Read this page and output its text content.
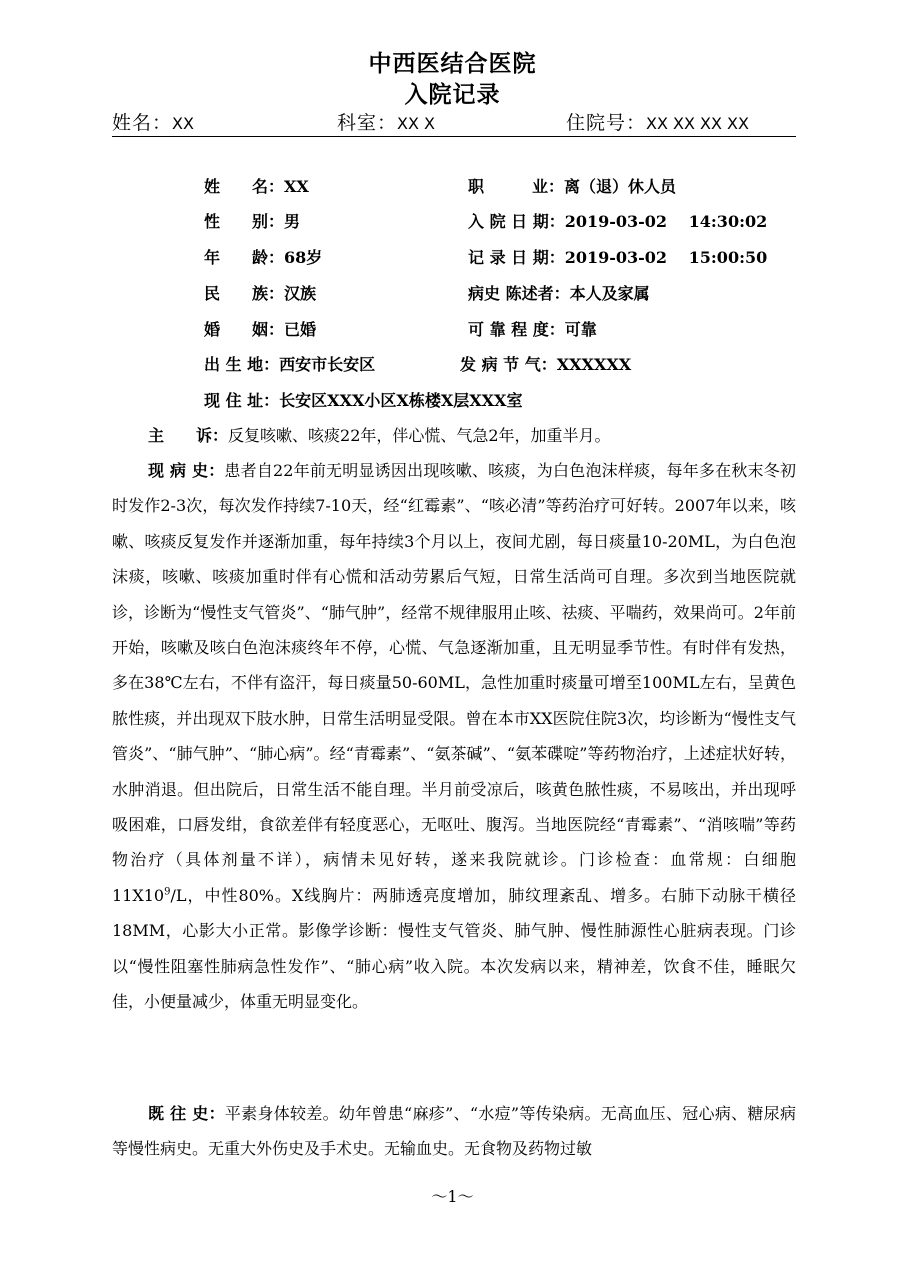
中西医结合医院
入院记录
姓名：XX	科室：XX X	住院号：XX XX XX XX
姓　　名：XX	职　　　业：离（退）休人员
性　　别：男	入 院 日 期：2019-03-02　 14:30:02
年　　龄：68岁	记 录 日 期：2019-03-02　 15:00:50
民　　族：汉族	病史 陈述者：本人及家属
婚　　姻：已婚	可 靠 程 度：可靠
出 生 地：西安市长安区	发 病 节 气：XXXXXX
现 住 址：长安区XXX小区X栋楼X层XXX室
主　　诉：反复咳嗽、咳痰22年，伴心慌、气急2年，加重半月。
现 病 史：患者自22年前无明显诱因出现咳嗽、咳痰，为白色泡沫样痰，每年多在秋末冬初时发作2-3次，每次发作持续7-10天，经“红霉素”、“咳必清”等药治疗可好转。2007年以来，咳嗽、咳痰反复发作并逐渐加重，每年持续3个月以上，夜间尤剧，每日痰量10-20ML，为白色泡沫痰，咳嗽、咳痰加重时伴有心慌和活动劳累后气短，日常生活尚可自理。多次到当地医院就诊，诊断为“慢性支气管炎”、“肺气肿”，经常不规律服用止咳、祛痰、平喘药，效果尚可。2年前开始，咳嗽及咳白色泡沫痰终年不停，心慌、气急逐渐加重，且无明显季节性。有时伴有发热，多在38℃左右，不伴有盗汗，每日痰量50-60ML，急性加重时痰量可增至100ML左右，呈黄色脓性痰，并出现双下肢水肿，日常生活明显受限。曾在本市XX医院住院3次，均诊断为“慢性支气管炎”、“肺气肿”、“肺心病”。经“青霉素”、“氨茶碱”、“氨苯碟啶”等药物治疗，上述症状好转，水肿消退。但出院后，日常生活不能自理。半月前受凉后，咳黄色脓性痰，不易咳出，并出现呼吸困难，口唇发绀，食欲差伴有轻度恶心，无呕吐、腹泻。当地医院经“青霉素”、“消咳喘”等药物治疗（具体剂量不详），病情未见好转，遂来我院就诊。门诊检查：血常规：白细胞$11X10^9/L$，中性80%。X线胸片：两肺透亮度增加，肺纹理紊乱、增多。右肺下动脉干横径18MM，心影大小正常。影像学诊断：慢性支气管炎、肺气肿、慢性肺源性心脏病表现。门诊以“慢性阻塞性肺病急性发作”、“肺心病”收入院。本次发病以来，精神差，饮食不佳，睡眠欠佳，小便量减少，体重无明显变化。
既 往 史：平素身体较差。幼年曾患“麻疹”、“水痘”等传染病。无高血压、冠心病、糖尿病等慢性病史。无重大外伤史及手术史。无输血史。无食物及药物过敏
～1～
